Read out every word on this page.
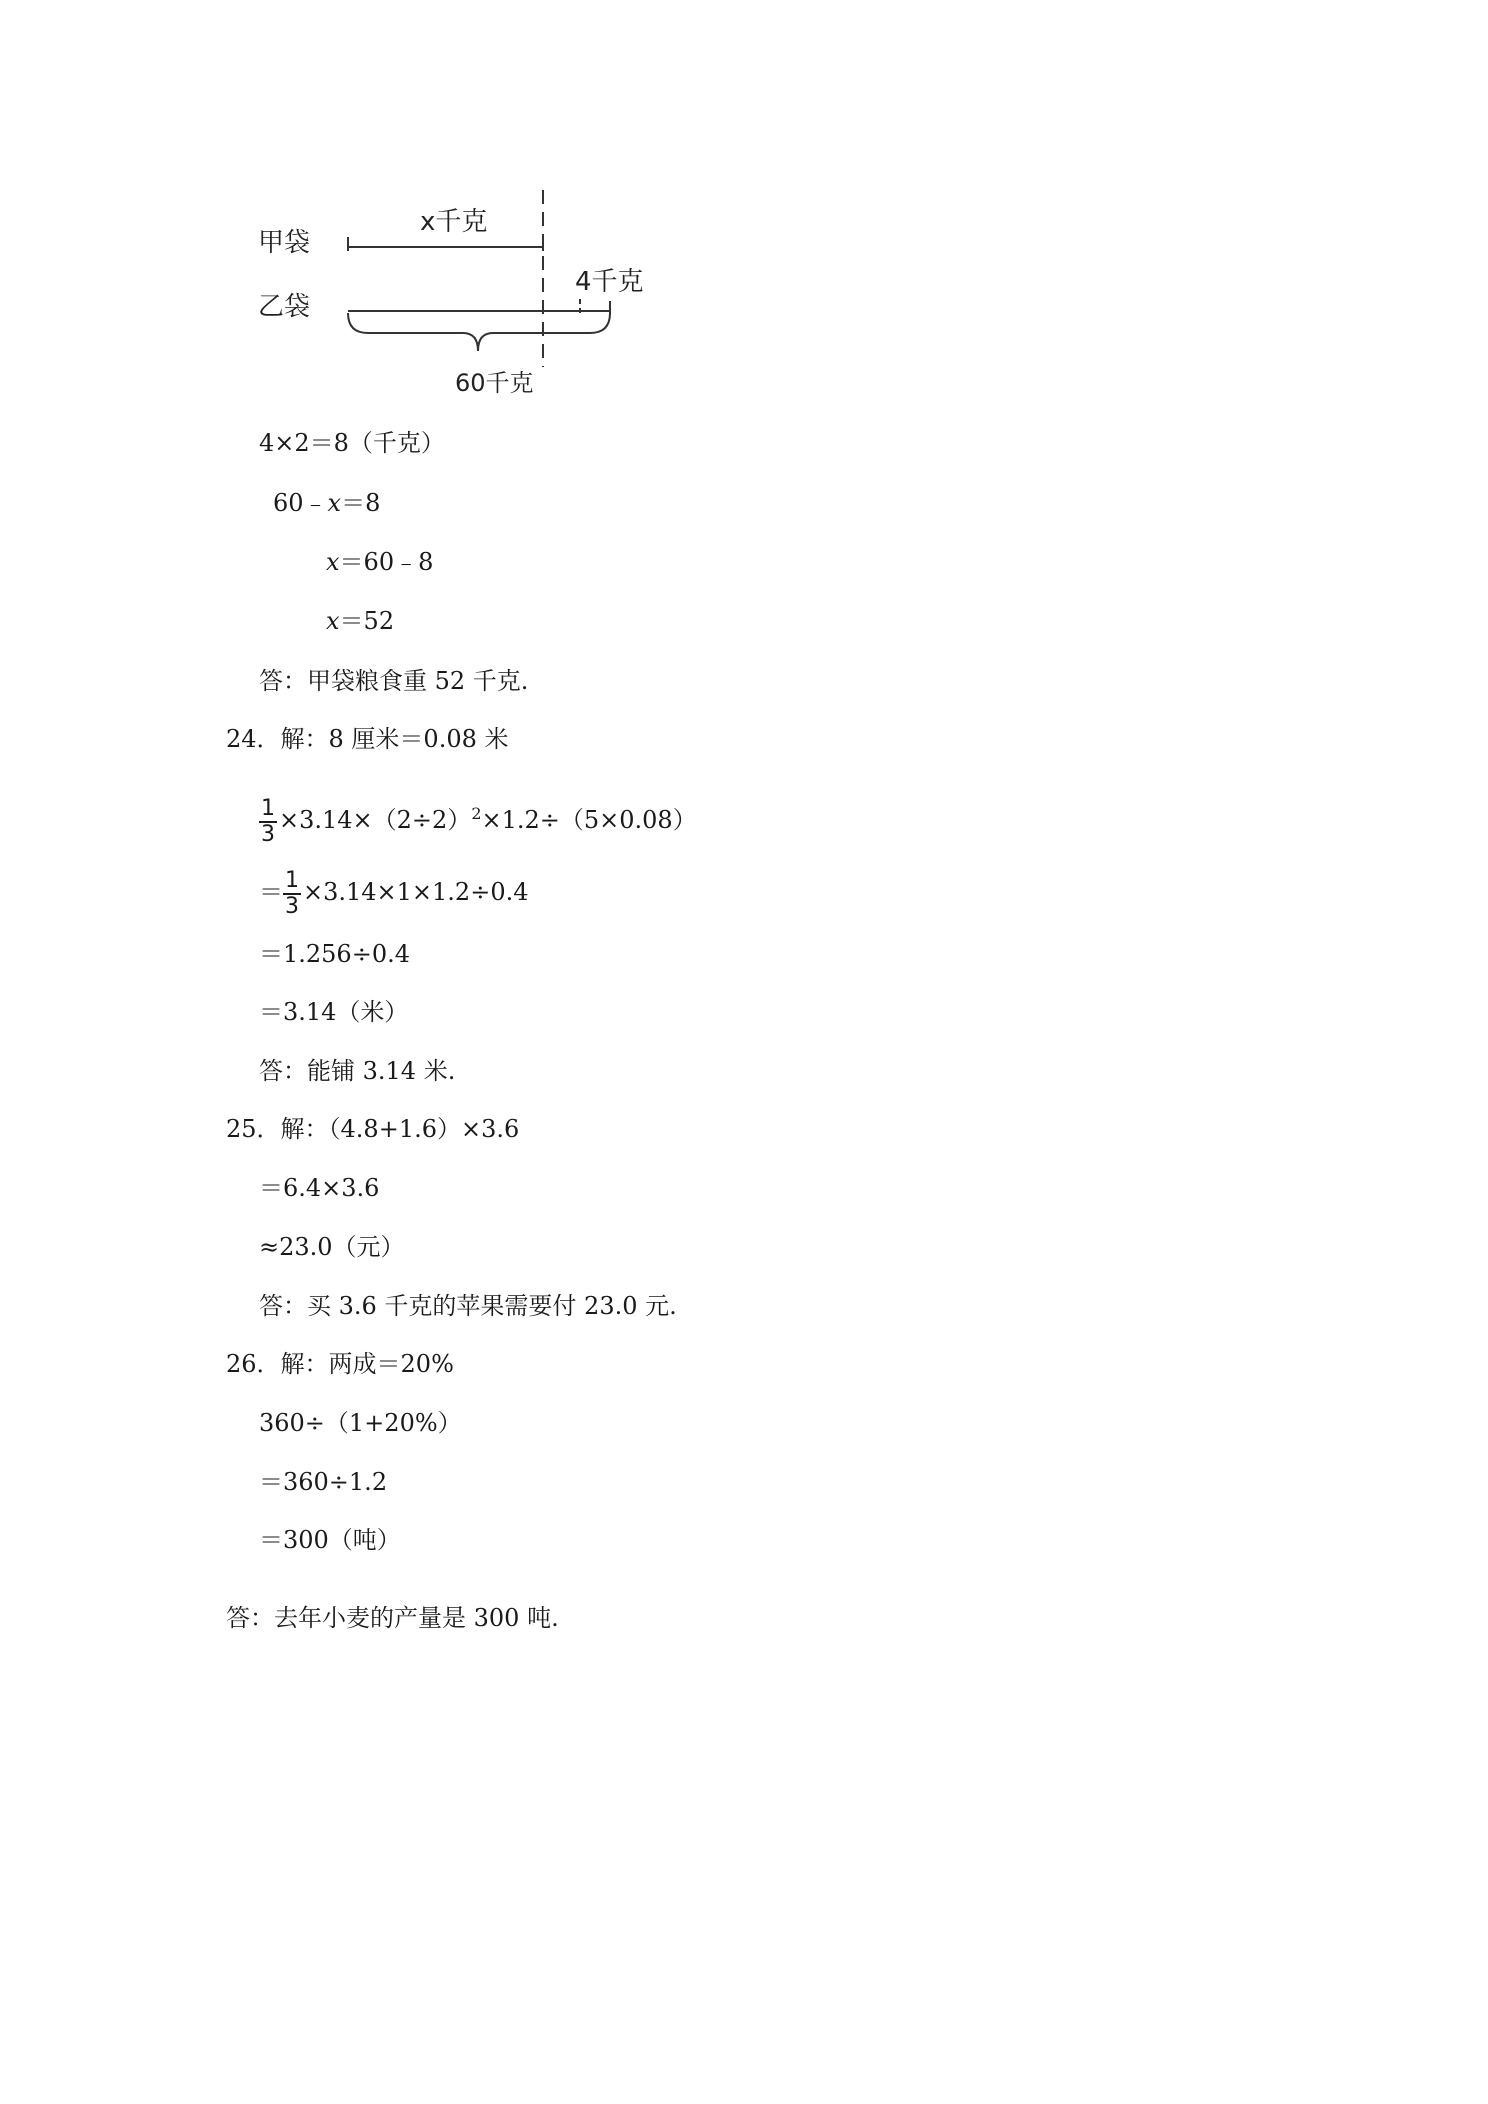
甲袋
乙袋
x千克
4千克
60千克
4×2＝8（千克）
60﹣x＝8
x＝60﹣8
x＝52
答：甲袋粮食重 52 千克.
24．解：8 厘米＝0.08 米
$\frac{1}{3} \times 3.14\times(2\div 2)^2\times 1.2\div(5\times 0.08)$
＝ $\frac{1}{3} \times 3.14\times 1\times 1.2\div 0.4$
＝1.256÷0.4
＝3.14（米）
答：能铺 3.14 米.
25．解：（4.8+1.6）×3.6
＝6.4×3.6
≈23.0（元）
答：买 3.6 千克的苹果需要付 23.0 元.
26．解：两成＝20%
360÷（1+20%）
＝360÷1.2
＝300（吨）
答：去年小麦的产量是 300 吨.
